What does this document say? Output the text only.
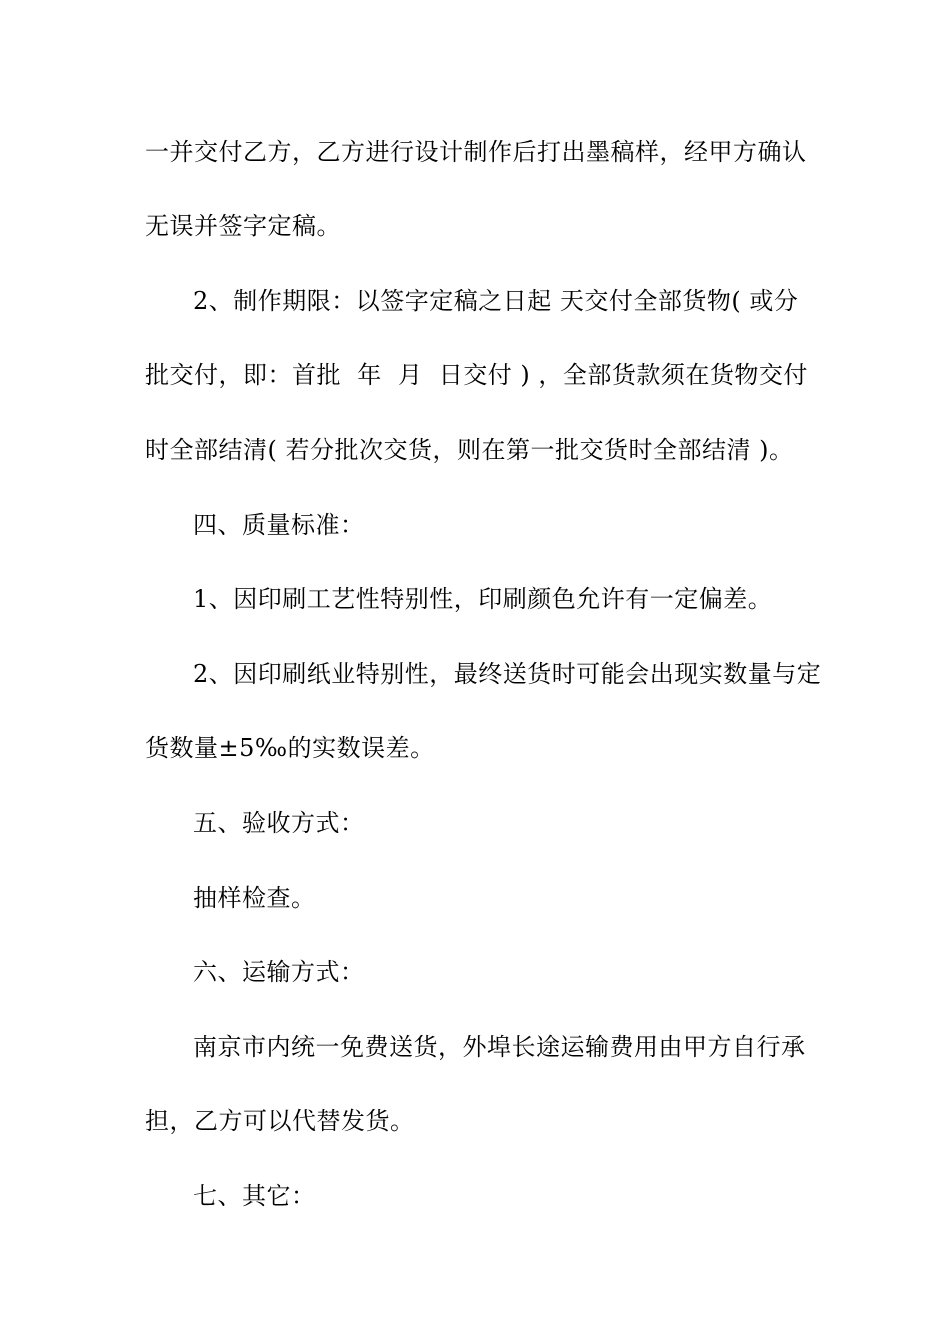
一并交付乙方，乙方进行设计制作后打出墨稿样，经甲方确认
无误并签字定稿。
2、制作期限：以签字定稿之日起 天交付全部货物( 或分
批交付，即：首批  年  月  日交付 ) ，全部货款须在货物交付
时全部结清( 若分批次交货，则在第一批交货时全部结清 )。
四、质量标准：
1、因印刷工艺性特别性，印刷颜色允许有一定偏差。
2、因印刷纸业特别性，最终送货时可能会出现实数量与定
货数量±5‰的实数误差。
五、验收方式：
抽样检查。
六、运输方式：
南京市内统一免费送货，外埠长途运输费用由甲方自行承
担，乙方可以代替发货。
七、其它：
